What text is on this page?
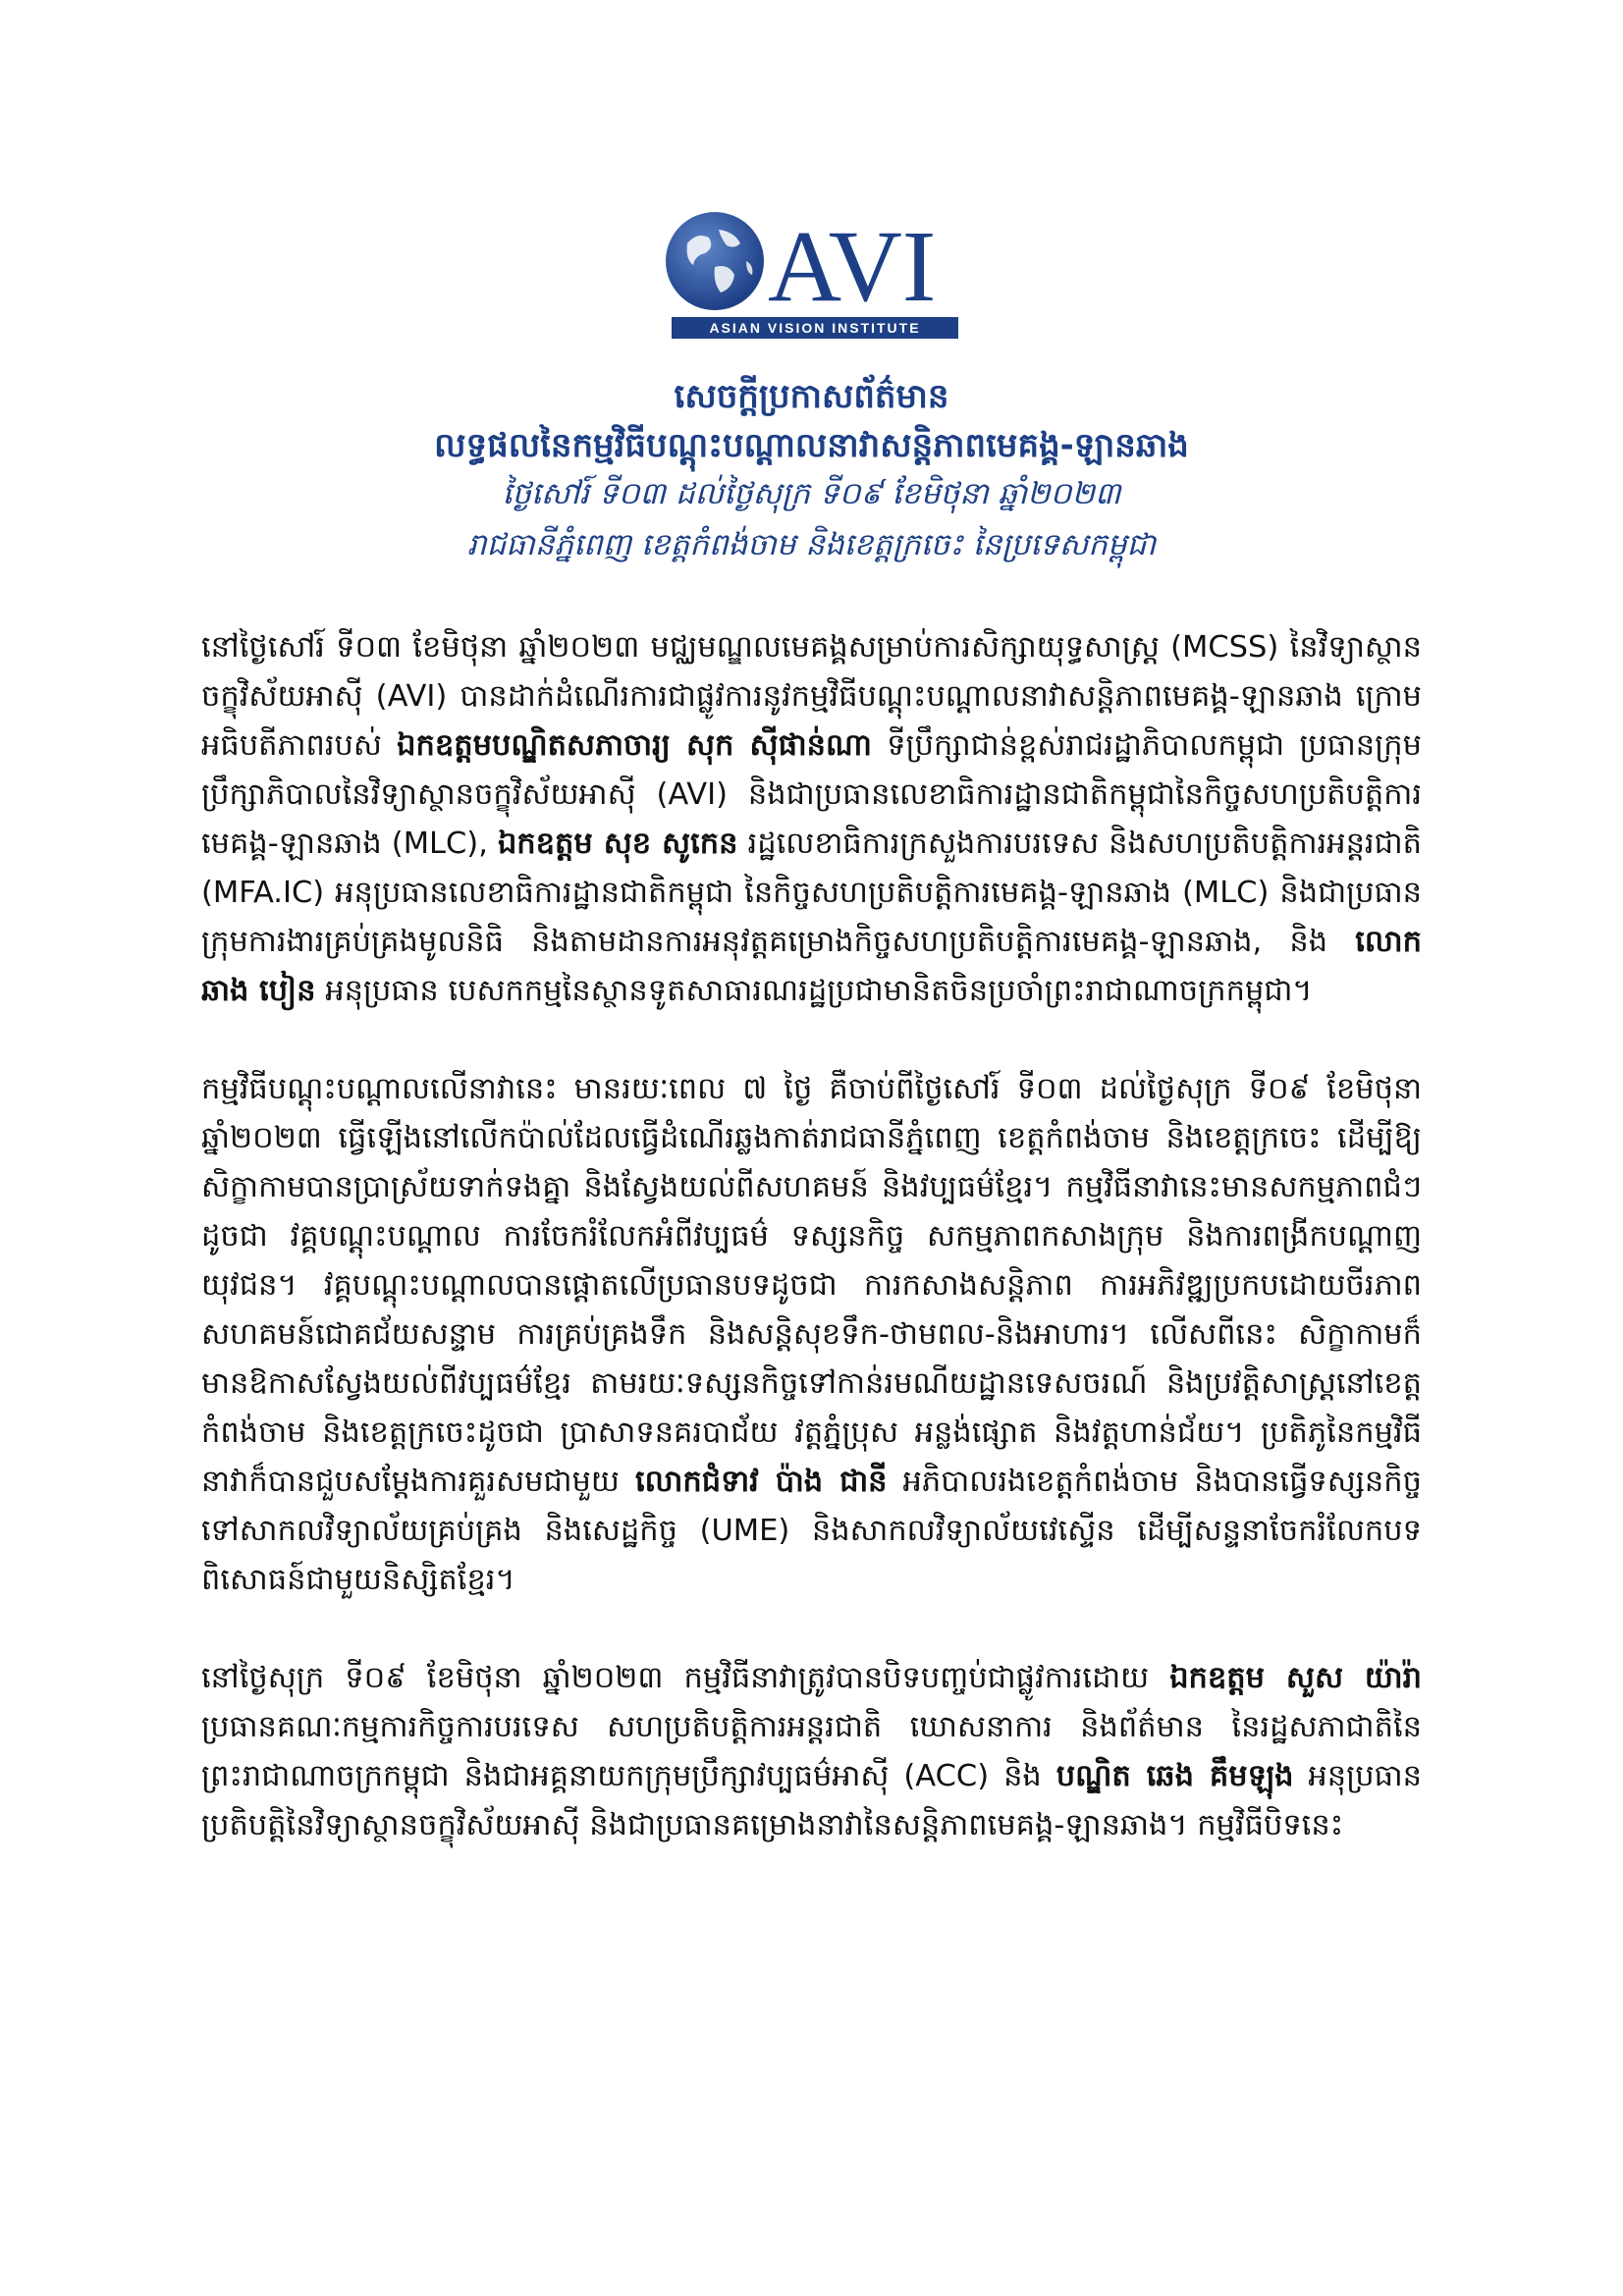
AVI
ASIAN VISION INSTITUTE
សេចក្តីប្រកាសព័ត៌មាន
លទ្ធផលនៃកម្មវិធីបណ្តុះបណ្តាលនាវាសន្តិភាពមេគង្គ-ឡានឆាង
ថ្ងៃសៅរ៍ ទី០៣ ដល់ថ្ងៃសុក្រ ទី០៩ ខែមិថុនា ឆ្នាំ២០២៣
រាជធានីភ្នំពេញ ខេត្តកំពង់ចាម និងខេត្តក្រចេះ នៃប្រទេសកម្ពុជា

នៅថ្ងៃសៅរ៍ ទី០៣ ខែមិថុនា ឆ្នាំ២០២៣ មជ្ឈមណ្ឌលមេគង្គសម្រាប់ការសិក្សាយុទ្ធសាស្ត្រ (MCSS) នៃវិទ្យាស្ថានចក្ខុវិស័យអាស៊ី (AVI) បានដាក់ដំណើរការជាផ្លូវការនូវកម្មវិធីបណ្តុះបណ្តាលនាវាសន្តិភាពមេគង្គ-ឡានឆាង ក្រោមអធិបតីភាពរបស់ ឯកឧត្តមបណ្ឌិតសភាចារ្យ សុក ស៊ីផាន់ណា ទីប្រឹក្សាជាន់ខ្ពស់រាជរដ្ឋាភិបាលកម្ពុជា ប្រធានក្រុមប្រឹក្សាភិបាលនៃវិទ្យាស្ថានចក្ខុវិស័យអាស៊ី (AVI) និងជាប្រធានលេខាធិការដ្ឋានជាតិកម្ពុជានៃកិច្ចសហប្រតិបត្តិការមេគង្គ-ឡានឆាង (MLC), ឯកឧត្តម សុខ សូកេន រដ្ឋលេខាធិការក្រសួងការបរទេស និងសហប្រតិបត្តិការអន្តរជាតិ (MFA.IC) អនុប្រធានលេខាធិការដ្ឋានជាតិកម្ពុជា នៃកិច្ចសហប្រតិបត្តិការមេគង្គ-ឡានឆាង (MLC) និងជាប្រធានក្រុមការងារគ្រប់គ្រងមូលនិធិ និងតាមដានការអនុវត្តគម្រោងកិច្ចសហប្រតិបត្តិការមេគង្គ-ឡានឆាង, និង លោក ឆាង បៀន អនុប្រធាន បេសកកម្មនៃស្ថានទូតសាធារណរដ្ឋប្រជាមានិតចិនប្រចាំព្រះរាជាណាចក្រកម្ពុជា។

កម្មវិធីបណ្តុះបណ្តាលលើនាវានេះ មានរយៈពេល ៧ ថ្ងៃ គឺចាប់ពីថ្ងៃសៅរ៍ ទី០៣ ដល់ថ្ងៃសុក្រ ទី០៩ ខែមិថុនា ឆ្នាំ២០២៣ ធ្វើឡើងនៅលើកប៉ាល់ដែលធ្វើដំណើរឆ្លងកាត់រាជធានីភ្នំពេញ ខេត្តកំពង់ចាម និងខេត្តក្រចេះ ដើម្បីឱ្យសិក្ខាកាមបានប្រាស្រ័យទាក់ទងគ្នា និងស្វែងយល់ពីសហគមន៍ និងវប្បធម៌ខ្មែរ។ កម្មវិធីនាវានេះមានសកម្មភាពជំៗដូចជា វគ្គបណ្តុះបណ្តាល ការចែករំលែកអំពីវប្បធម៌ ទស្សនកិច្ច សកម្មភាពកសាងក្រុម និងការពង្រីកបណ្តាញយុវជន។ វគ្គបណ្តុះបណ្តាលបានផ្តោតលើប្រធានបទដូចជា ការកសាងសន្តិភាព ការអភិវឌ្ឍប្រកបដោយចីរភាព សហគមន៍ជោគជ័យសន្ទាម ការគ្រប់គ្រងទឹក និងសន្តិសុខទឹក-ថាមពល-និងអាហារ។ លើសពីនេះ សិក្ខាកាមក៏មានឱកាសស្វែងយល់ពីវប្បធម៌ខ្មែរ តាមរយៈទស្សនកិច្ចទៅកាន់រមណីយដ្ឋានទេសចរណ៍ និងប្រវត្តិសាស្ត្រនៅខេត្តកំពង់ចាម និងខេត្តក្រចេះដូចជា ប្រាសាទនគរបាជ័យ វត្តភ្នំប្រុស អន្លង់ផ្សោត និងវត្តហាន់ជ័យ។ ប្រតិភូនៃកម្មវិធីនាវាក៏បានជួបសម្តែងការគួរសមជាមួយ លោកជំទាវ ប៉ាង ជានី អភិបាលរងខេត្តកំពង់ចាម និងបានធ្វើទស្សនកិច្ចទៅសាកលវិទ្យាល័យគ្រប់គ្រង និងសេដ្ឋកិច្ច (UME) និងសាកលវិទ្យាល័យវេស្ទើន ដើម្បីសន្ទនាចែករំលែកបទពិសោធន៍ជាមួយនិស្សិតខ្មែរ។

នៅថ្ងៃសុក្រ ទី០៩ ខែមិថុនា ឆ្នាំ២០២៣ កម្មវិធីនាវាត្រូវបានបិទបញ្ចប់ជាផ្លូវការដោយ ឯកឧត្តម សួស យ៉ារ៉ា ប្រធានគណៈកម្មការកិច្ចការបរទេស សហប្រតិបត្តិការអន្តរជាតិ ឃោសនាការ និងព័ត៌មាន នៃរដ្ឋសភាជាតិនៃព្រះរាជាណាចក្រកម្ពុជា និងជាអគ្គនាយកក្រុមប្រឹក្សាវប្បធម៌អាស៊ី (ACC) និង បណ្ឌិត ឆេង គឹមឡុង អនុប្រធានប្រតិបត្តិនៃវិទ្យាស្ថានចក្ខុវិស័យអាស៊ី និងជាប្រធានគម្រោងនាវានៃសន្តិភាពមេគង្គ-ឡានឆាង។ កម្មវិធីបិទនេះ
